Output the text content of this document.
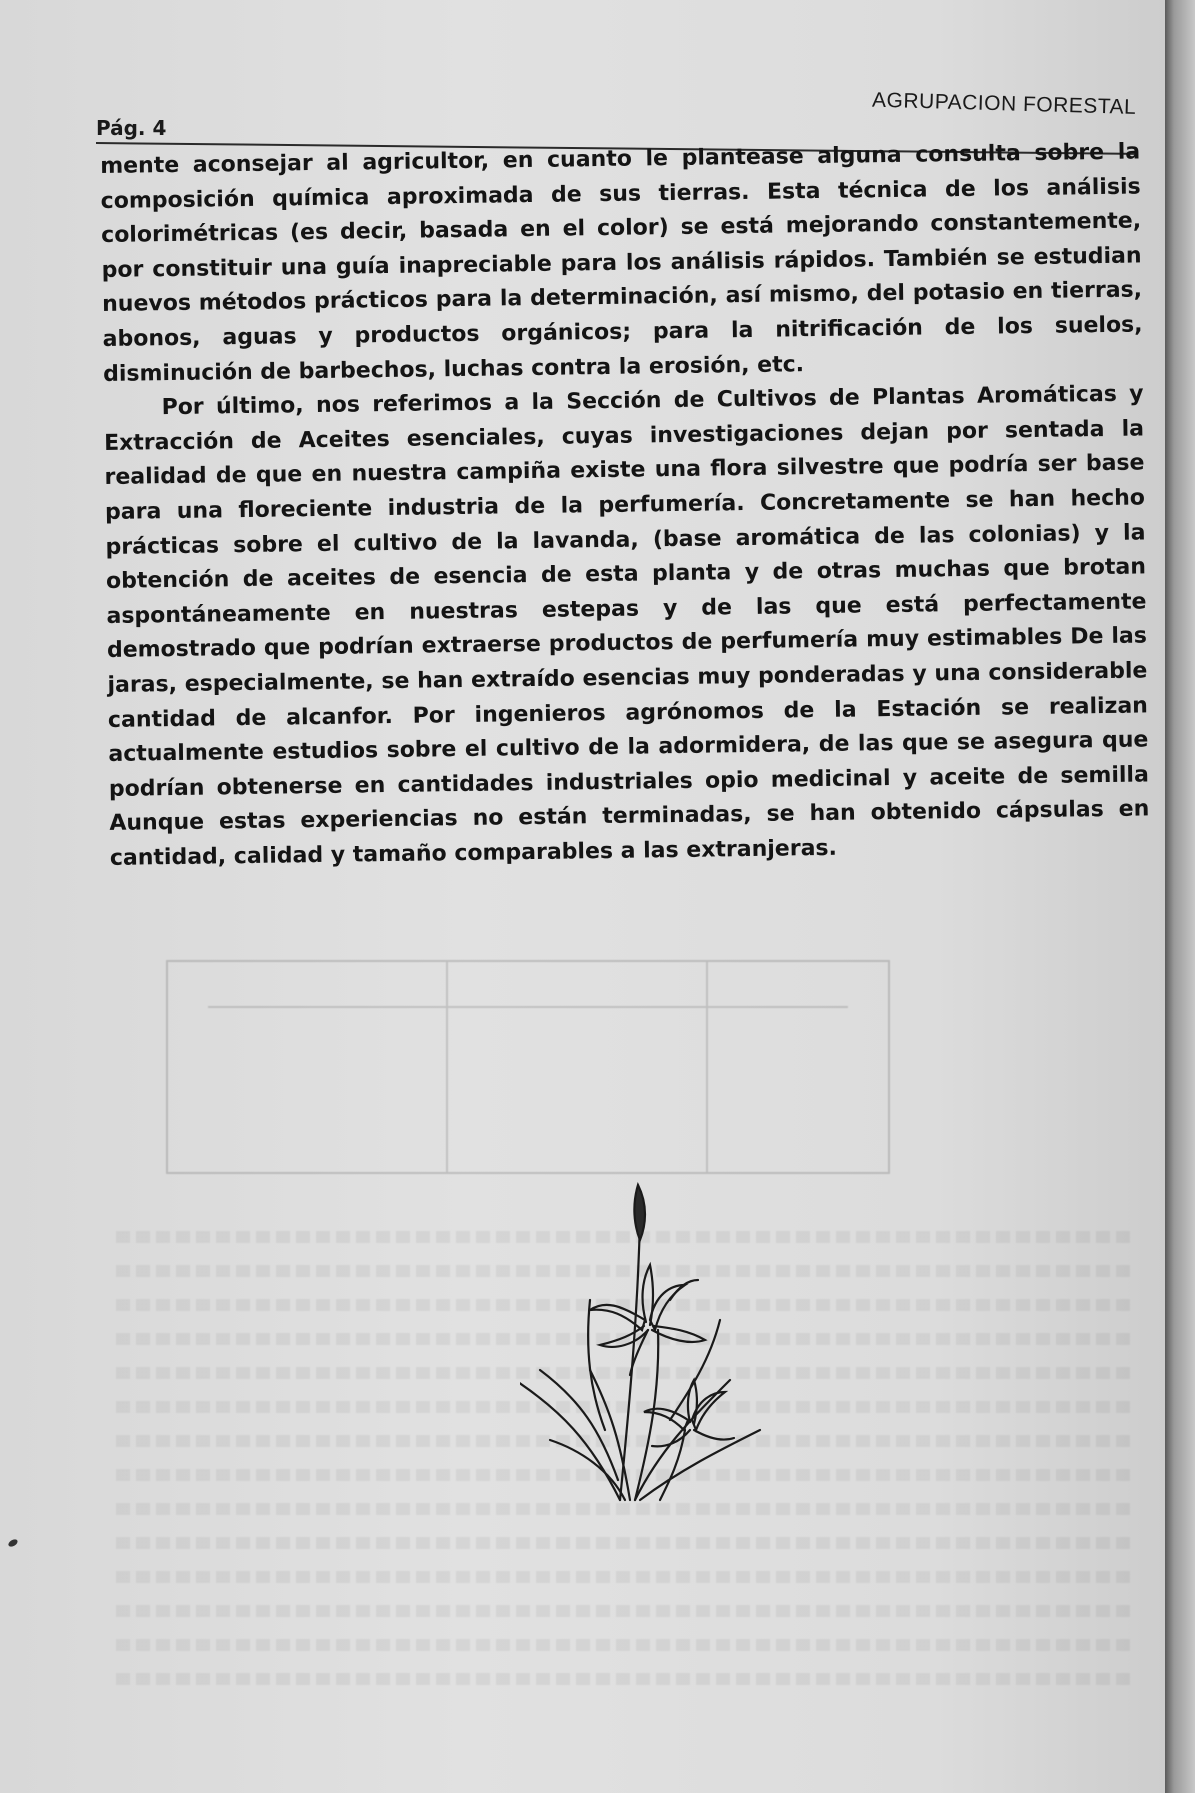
Pág. 4
AGRUPACION FORESTAL

mente aconsejar al agricultor, en cuanto le plantease alguna consulta sobre la composición química aproximada de sus tierras. Esta técnica de los análisis colorimétricas (es decir, basada en el color) se está mejorando constantemente, por constituir una guía inapreciable para los análisis rápidos. También se estudian nuevos métodos prácticos para la determinación, así mismo, del potasio en tierras, abonos, aguas y productos orgánicos; para la nitrificación de los suelos, disminución de barbechos, luchas contra la erosión, etc.

Por último, nos referimos a la Sección de Cultivos de Plantas Aromáticas y Extracción de Aceites esenciales, cuyas investigaciones dejan por sentada la realidad de que en nuestra campiña existe una flora silvestre que podría ser base para una floreciente industria de la perfumería. Concretamente se han hecho prácticas sobre el cultivo de la lavanda, (base aromática de las colonias) y la obtención de aceites de esencia de esta planta y de otras muchas que brotan aspontáneamente en nuestras estepas y de las que está perfectamente demostrado que podrían extraerse productos de perfumería muy estimables De las jaras, especialmente, se han extraído esencias muy ponderadas y una considerable cantidad de alcanfor. Por ingenieros agrónomos de la Estación se realizan actualmente estudios sobre el cultivo de la adormidera, de las que se asegura que podrían obtenerse en cantidades industriales opio medicinal y aceite de semilla Aunque estas experiencias no están terminadas, se han obtenido cápsulas en cantidad, calidad y tamaño comparables a las extranjeras.
